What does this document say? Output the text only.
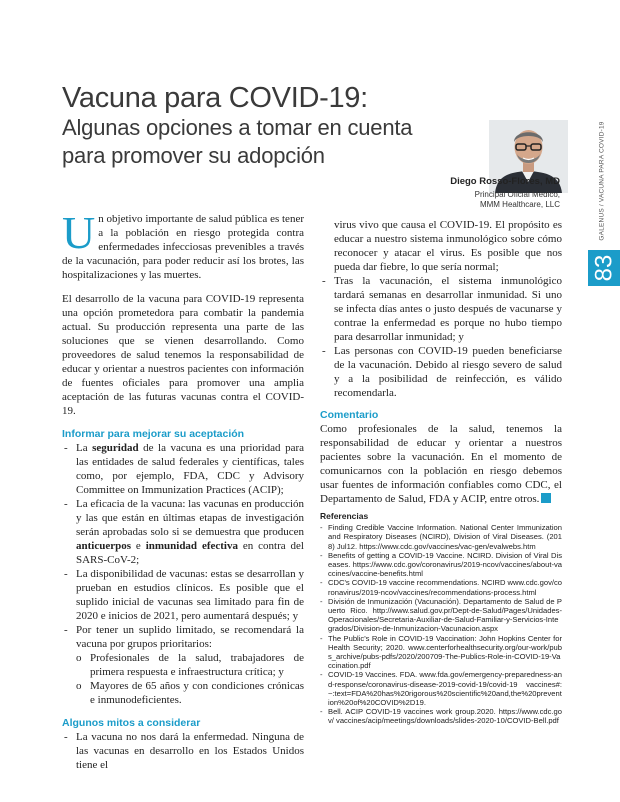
Vacuna para COVID-19:
Algunas opciones a tomar en cuenta
para promover su adopción
Diego Rosso-Flores, MD
Principal Oficial Médico,
MMM Healthcare, LLC	GALENUS / VACUNA PARA COVID-19
83

Un objetivo importante de salud pública es tener a la población en riesgo protegida contra enfermedades infecciosas prevenibles a través de la vacunación, para poder reducir así los brotes, las hospitalizaciones y las muertes.

El desarrollo de la vacuna para COVID-19 representa una opción prometedora para combatir la pandemia actual. Su producción representa una parte de las soluciones que se vienen desarrollando. Como proveedores de salud tenemos la responsabilidad de educar y orientar a nuestros pacientes con información de fuentes oficiales para promover una amplia aceptación de las futuras vacunas contra el COVID-19.

Informar para mejorar su aceptación
- La seguridad de la vacuna es una prioridad para las entidades de salud federales y científicas, tales como, por ejemplo, FDA, CDC y Advisory Committee on Immunization Practices (ACIP);
- La eficacia de la vacuna: las vacunas en producción y las que están en últimas etapas de investigación serán aprobadas solo si se demuestra que producen anticuerpos e inmunidad efectiva en contra del SARS-CoV-2;
- La disponibilidad de vacunas: estas se desarrollan y prueban en estudios clínicos. Es posible que el suplido inicial de vacunas sea limitado para fin de 2020 e inicios de 2021, pero aumentará después; y
- Por tener un suplido limitado, se recomendará la vacuna por grupos prioritarios:
o Profesionales de la salud, trabajadores de primera respuesta e infraestructura crítica; y
o Mayores de 65 años y con condiciones crónicas e inmunodeficientes.
Algunos mitos a considerar
- La vacuna no nos dará la enfermedad. Ninguna de las vacunas en desarrollo en los Estados Unidos tiene el
virus vivo que causa el COVID-19. El propósito es educar a nuestro sistema inmunológico sobre cómo reconocer y atacar el virus. Es posible que nos pueda dar fiebre, lo que sería normal;
- Tras la vacunación, el sistema inmunológico tardará semanas en desarrollar inmunidad. Si uno se infecta días antes o justo después de vacunarse y contrae la enfermedad es porque no hubo tiempo para desarrollar inmunidad; y
- Las personas con COVID-19 pueden beneficiarse de la vacunación. Debido al riesgo severo de salud y a la posibilidad de reinfección, es válido recomendarla.
Comentario

Como profesionales de la salud, tenemos la responsabilidad de educar y orientar a nuestros pacientes sobre la vacunación. En el momento de comunicarnos con la población en riesgo debemos usar fuentes de información confiables como CDC, el Departamento de Salud, FDA y ACIP, entre otros.

Referencias
- Finding Credible Vaccine Information. National Center Immunization and Respiratory Diseases (NCIRD), Division of Viral Diseases. (2018) Jul12. https://www.cdc.gov/vaccines/vac-gen/evalwebs.htm
- Benefits of getting a COVID-19 Vaccine. NCIRD. Division of Viral Diseases. https://www.cdc.gov/coronavirus/2019-ncov/vaccines/about-vaccines/vaccine-benefits.html
- CDC's COVID-19 vaccine recommendations. NCIRD www.cdc.gov/coronavirus/2019-ncov/vaccines/recommendations-process.html
- División de Inmunización (Vacunación). Departamento de Salud de Puerto Rico. http://www.salud.gov.pr/Dept-de-Salud/Pages/Unidades-Operacionales/Secretaria-Auxiliar-de-Salud-Familiar-y-Servicios-Integrados/Division-de-Inmunizacion-Vacunacion.aspx
- The Public's Role in COVID-19 Vaccination: John Hopkins Center for Health Security; 2020. www.centerforhealthsecurity.org/our-work/pubs_archive/pubs-pdfs/2020/200709-The-Publics-Role-in-COVID-19-Vaccination.pdf
- COVID-19 Vaccines. FDA. www.fda.gov/emergency-preparedness-and-response/coronavirus-disease-2019-covid-19/covid-19 vaccines#:~:text=FDA%20has%20rigorous%20scientific%20and,the%20prevention%20of%20COVID%2D19.
- Bell. ACIP COVID-19 vaccines work group.2020. https://www.cdc.gov/ vaccines/acip/meetings/downloads/slides-2020-10/COVID-Bell.pdf
